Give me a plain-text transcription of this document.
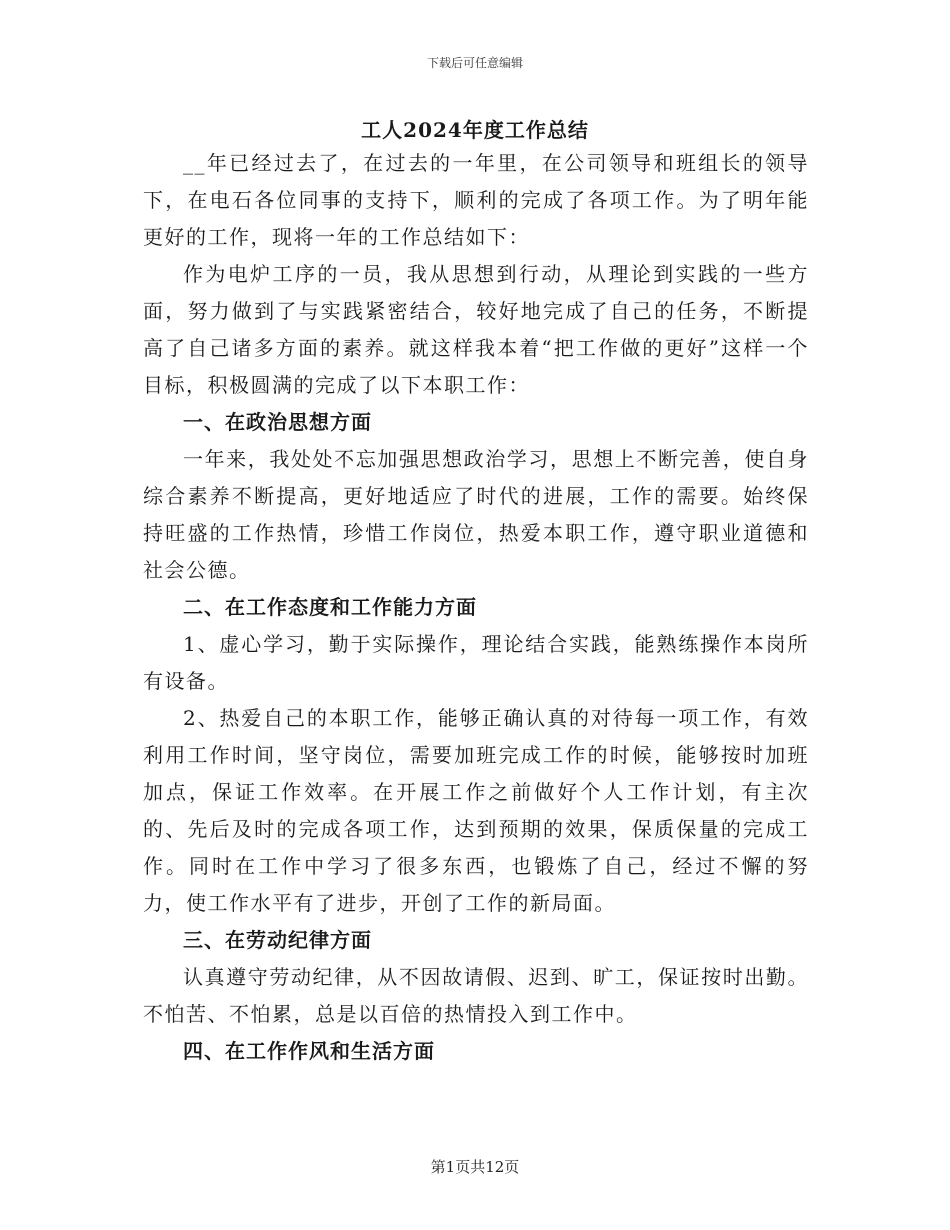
下载后可任意编辑
工人2024年度工作总结

__年已经过去了，在过去的一年里，在公司领导和班组长的领导下，在电石各位同事的支持下，顺利的完成了各项工作。为了明年能更好的工作，现将一年的工作总结如下：

作为电炉工序的一员，我从思想到行动，从理论到实践的一些方面，努力做到了与实践紧密结合，较好地完成了自己的任务，不断提高了自己诸多方面的素养。就这样我本着“把工作做的更好”这样一个目标，积极圆满的完成了以下本职工作：

一、在政治思想方面

一年来，我处处不忘加强思想政治学习，思想上不断完善，使自身综合素养不断提高，更好地适应了时代的进展，工作的需要。始终保持旺盛的工作热情，珍惜工作岗位，热爱本职工作，遵守职业道德和社会公德。

二、在工作态度和工作能力方面

1、虚心学习，勤于实际操作，理论结合实践，能熟练操作本岗所有设备。

2、热爱自己的本职工作，能够正确认真的对待每一项工作，有效利用工作时间，坚守岗位，需要加班完成工作的时候，能够按时加班加点，保证工作效率。在开展工作之前做好个人工作计划，有主次的、先后及时的完成各项工作，达到预期的效果，保质保量的完成工作。同时在工作中学习了很多东西，也锻炼了自己，经过不懈的努力，使工作水平有了进步，开创了工作的新局面。

三、在劳动纪律方面

认真遵守劳动纪律，从不因故请假、迟到、旷工，保证按时出勤。不怕苦、不怕累，总是以百倍的热情投入到工作中。

四、在工作作风和生活方面
第1页共12页
